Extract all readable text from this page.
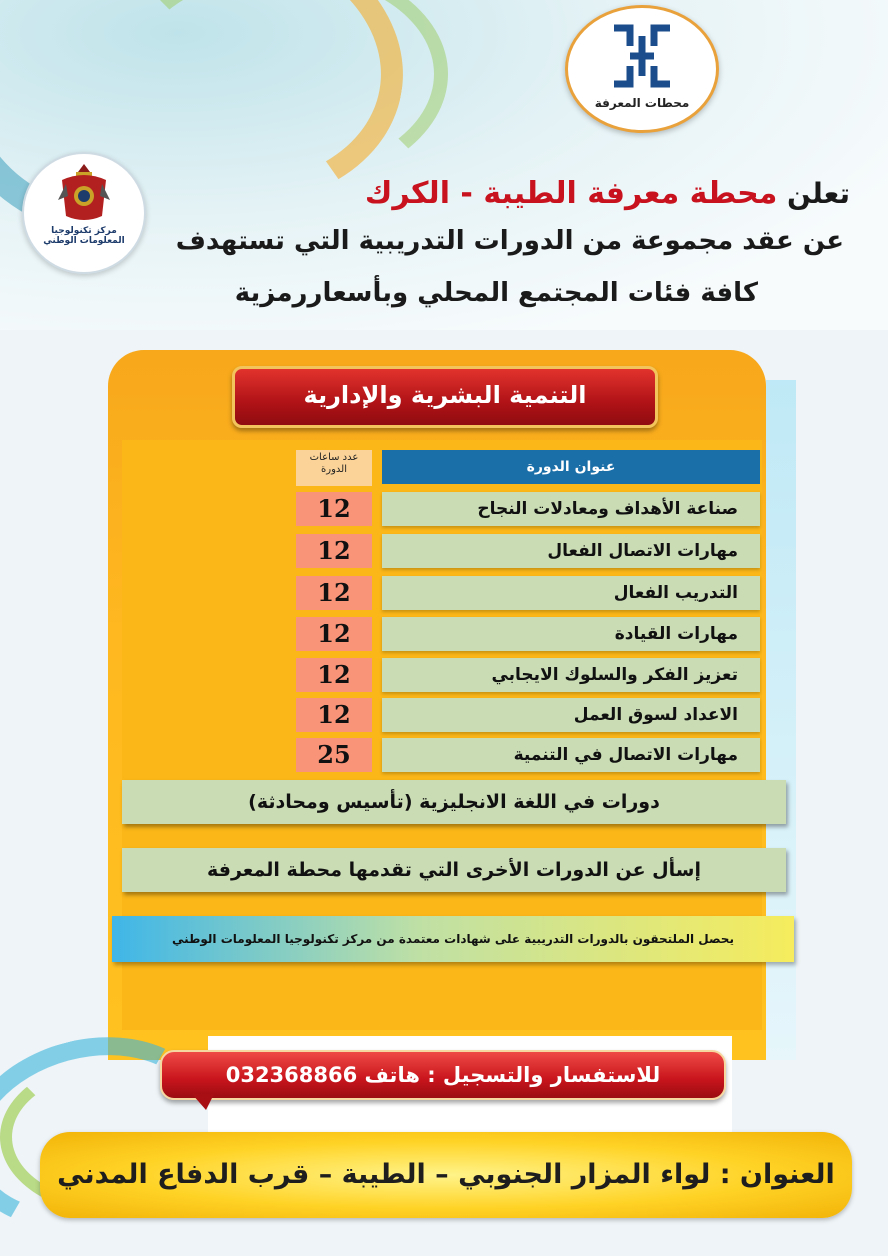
محطات المعرفة
مركز تكنولوجيا المعلومات الوطني
تعلن محطة معرفة الطيبة - الكرك
عن عقد مجموعة من الدورات التدريبية التي تستهدف
كافة فئات المجتمع المحلي وبأسعاررمزية
التنمية البشرية والإدارية
عدد ساعات الدورة	عنوان الدورة
12	صناعة الأهداف ومعادلات النجاح
12	مهارات الاتصال الفعال
12	التدريب الفعال
12	مهارات القيادة
12	تعزيز الفكر والسلوك الايجابي
12	الاعداد لسوق العمل
25	مهارات الاتصال في التنمية
دورات في اللغة الانجليزية (تأسيس ومحادثة)
إسأل عن الدورات الأخرى التي تقدمها محطة المعرفة
يحصل الملتحقون بالدورات التدريبية على شهادات معتمدة من مركز تكنولوجيا المعلومات الوطني
للاستفسار والتسجيل : هاتف 032368866
العنوان : لواء المزار الجنوبي – الطيبة – قرب الدفاع المدني
